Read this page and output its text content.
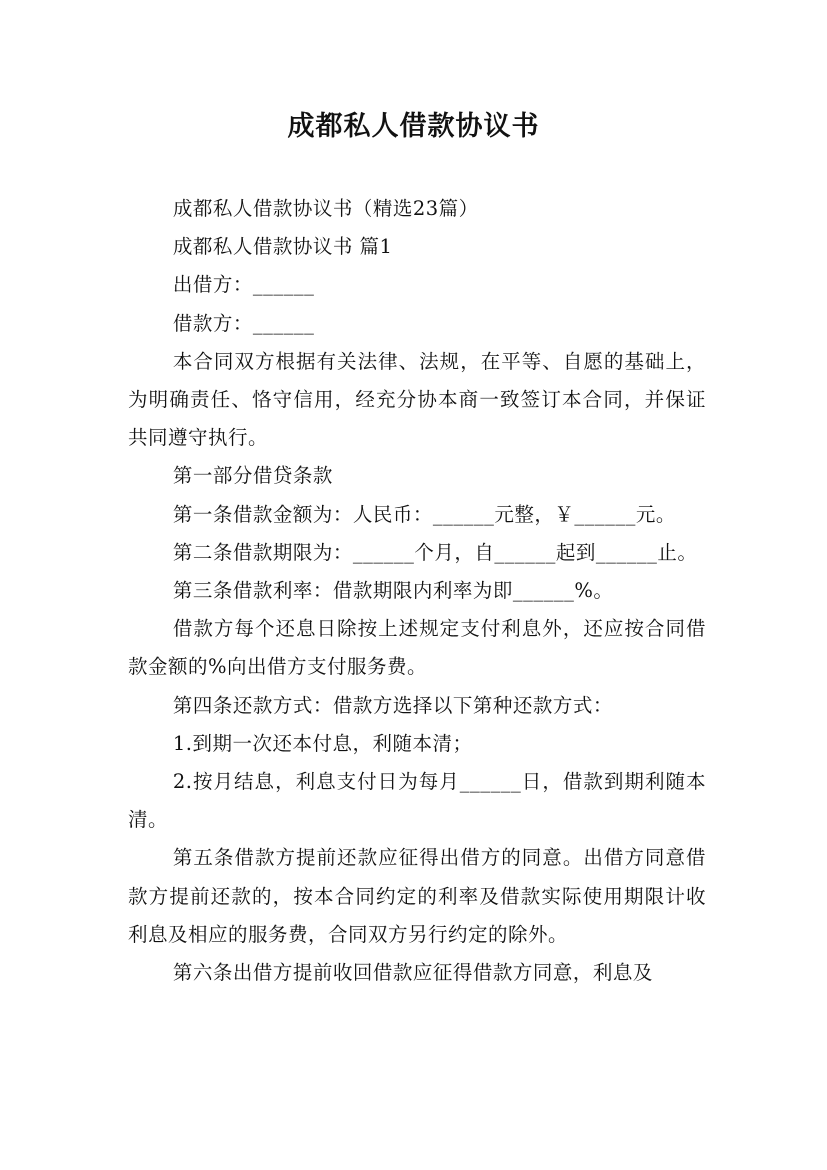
成都私人借款协议书

成都私人借款协议书（精选23篇）

成都私人借款协议书 篇1

出借方：______

借款方：______

本合同双方根据有关法律、法规，在平等、自愿的基础上，为明确责任、恪守信用，经充分协本商一致签订本合同，并保证共同遵守执行。

第一部分借贷条款

第一条借款金额为：人民币：______元整，￥______元。

第二条借款期限为：______个月，自______起到______止。

第三条借款利率：借款期限内利率为即______%。

借款方每个还息日除按上述规定支付利息外，还应按合同借款金额的%向出借方支付服务费。

第四条还款方式：借款方选择以下第种还款方式：

1.到期一次还本付息，利随本清；

2.按月结息，利息支付日为每月______日，借款到期利随本清。

第五条借款方提前还款应征得出借方的同意。出借方同意借款方提前还款的，按本合同约定的利率及借款实际使用期限计收利息及相应的服务费，合同双方另行约定的除外。

第六条出借方提前收回借款应征得借款方同意，利息及
